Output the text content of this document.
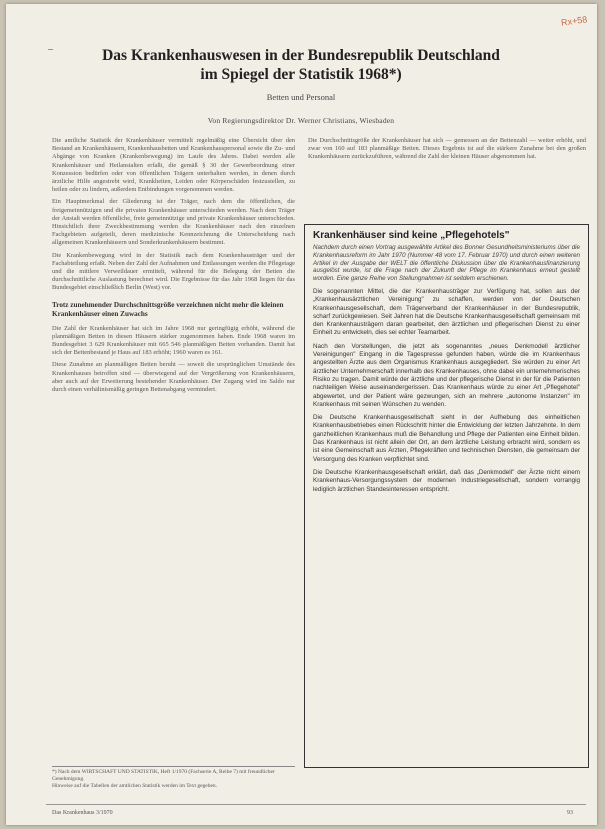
Rx+58
–	Das Krankenhauswesen in der Bundesrepublik Deutschland
im Spiegel der Statistik 1968*)
Betten und Personal
Von Regierungsdirektor Dr. Werner Christians, Wiesbaden

Die amtliche Statistik der Krankenhäuser vermittelt regelmäßig eine Übersicht über den Bestand an Krankenhäusern, Krankenhausbetten und Krankenhauspersonal sowie die Zu- und Abgänge von Kranken (Krankenbewegung) im Laufe des Jahres. Dabei werden alle Krankenhäuser und Heilanstalten erfaßt, die gemäß § 30 der Gewerbeordnung einer Konzession bedürfen oder von öffentlichen Trägern unterhalten werden, in denen durch ärztliche Hilfe angestrebt wird, Krankheiten, Leiden oder Körperschäden festzustellen, zu heilen oder zu lindern, außerdem Entbindungen vorgenommen werden.

Ein Hauptmerkmal der Gliederung ist der Träger, nach dem die öffentlichen, die freigemeinnützigen und die privaten Krankenhäuser unterschieden werden. Nach dem Träger der Anstalt werden öffentliche, freie gemeinnützige und private Krankenhäuser unterschieden. Hinsichtlich ihrer Zweckbestimmung werden die Krankenhäuser nach den einzelnen Fachgebieten aufgeteilt, deren medizinische Kennzeichnung die Unterscheidung nach allgemeinen Krankenhäusern und Sonderkrankenhäusern bestimmt.

Die Krankenbewegung wird in der Statistik nach dem Krankenhausträger und der Fachabteilung erfaßt. Neben der Zahl der Aufnahmen und Entlassungen werden die Pflegetage und die mittlere Verweildauer ermittelt, während für die Belegung der Betten die durchschnittliche Auslastung berechnet wird. Die Ergebnisse für das Jahr 1968 liegen für das Bundesgebiet einschließlich Berlin (West) vor.

Trotz zunehmender Durchschnittsgröße verzeichnen nicht mehr die kleinen Krankenhäuser einen Zuwachs

Die Zahl der Krankenhäuser hat sich im Jahre 1968 nur geringfügig erhöht, während die planmäßigen Betten in diesen Häusern stärker zugenommen haben. Ende 1968 waren im Bundesgebiet 3 629 Krankenhäuser mit 665 546 planmäßigen Betten vorhanden. Damit hat sich der Bettenbestand je Haus auf 183 erhöht; 1960 waren es 161.

Diese Zunahme an planmäßigen Betten beruht — soweit die ursprünglichen Umstände des Krankenhauses betroffen sind — überwiegend auf der Vergrößerung von Krankenhäusern, aber auch auf der Erweiterung bestehender Krankenhäuser. Der Zugang wird im Saldo nur durch einen verhältnismäßig geringen Bettenabgang vermindert.

Die Durchschnittsgröße der Krankenhäuser hat sich — gemessen an der Bettenzahl — weiter erhöht, und zwar von 160 auf 183 planmäßige Betten. Dieses Ergebnis ist auf die stärkere Zunahme bei den großen Krankenhäusern zurückzuführen, während die Zahl der kleinen Häuser abgenommen hat.
Krankenhäuser sind keine „Pflegehotels"
Nachdem durch einen Vortrag ausgewählte Artikel des Bonner Gesundheitsministeriums über die Krankenhausreform im Jahr 1970 (Nummer 48 vom 17. Februar 1970) und durch einen weiteren Artikel in der Ausgabe der WELT die öffentliche Diskussion über die Krankenhausfinanzierung ausgelöst wurde, ist die Frage nach der Zukunft der Pflege im Krankenhaus erneut gestellt worden. Eine ganze Reihe von Stellungnahmen ist seitdem erschienen.

Die sogenannten Mittel, die der Krankenhausträger zur Verfügung hat, sollen aus der „Krankenhausärztlichen Vereinigung" zu schaffen, werden von der Deutschen Krankenhausgesellschaft, dem Trägerverband der Krankenhäuser in der Bundesrepublik, scharf zurückgewiesen. Seit Jahren hat die Deutsche Krankenhausgesellschaft gemeinsam mit den Krankenhausträgern daran gearbeitet, den ärztlichen und pflegerischen Dienst zu einer Einheit zu entwickeln, dies sei echter Teamarbeit.

Nach den Vorstellungen, die jetzt als sogenanntes „neues Denkmodell ärztlicher Vereinigungen" Eingang in die Tagespresse gefunden haben, würde die im Krankenhaus angestellten Ärzte aus dem Organismus Krankenhaus ausgegliedert. Sie würden zu einer Art ärztlicher Unternehmerschaft innerhalb des Krankenhauses, ohne dabei ein unternehmerisches Risiko zu tragen. Damit würde der ärztliche und der pflegerische Dienst in der für die Patienten nachteiligen Weise auseinandergerissen. Das Krankenhaus würde zu einer Art „Pflegehotel" abgewertet, und der Patient wäre gezwungen, sich an mehrere „autonome Instanzen" im Krankenhaus mit seinen Wünschen zu wenden.

Die Deutsche Krankenhausgesellschaft sieht in der Aufhebung des einheitlichen Krankenhausbetriebes einen Rückschritt hinter die Entwicklung der letzten Jahrzehnte. In dem ganzheitlichen Krankenhaus muß die Behandlung und Pflege der Patienten eine Einheit bilden. Das Krankenhaus ist nicht allein der Ort, an dem ärztliche Leistung erbracht wird, sondern es ist eine Gemeinschaft aus Ärzten, Pflegekräften und technischen Diensten, die gemeinsam der Versorgung des Kranken verpflichtet sind.

Die Deutsche Krankenhausgesellschaft erklärt, daß das „Denkmodell" der Ärzte nicht einem Krankenhaus-Versorgungssystem der modernen Industriegesellschaft, sondern vorrangig lediglich ärztlichen Standesinteressen entspricht.

*) Nach dem WIRTSCHAFT UND STATISTIK, Heft 1/1970 (Fachserie A, Reihe 7) mit freundlicher Genehmigung.

Hinweise auf die Tabellen der amtlichen Statistik werden im Text gegeben.

Das Krankenhaus 3/1970	93
